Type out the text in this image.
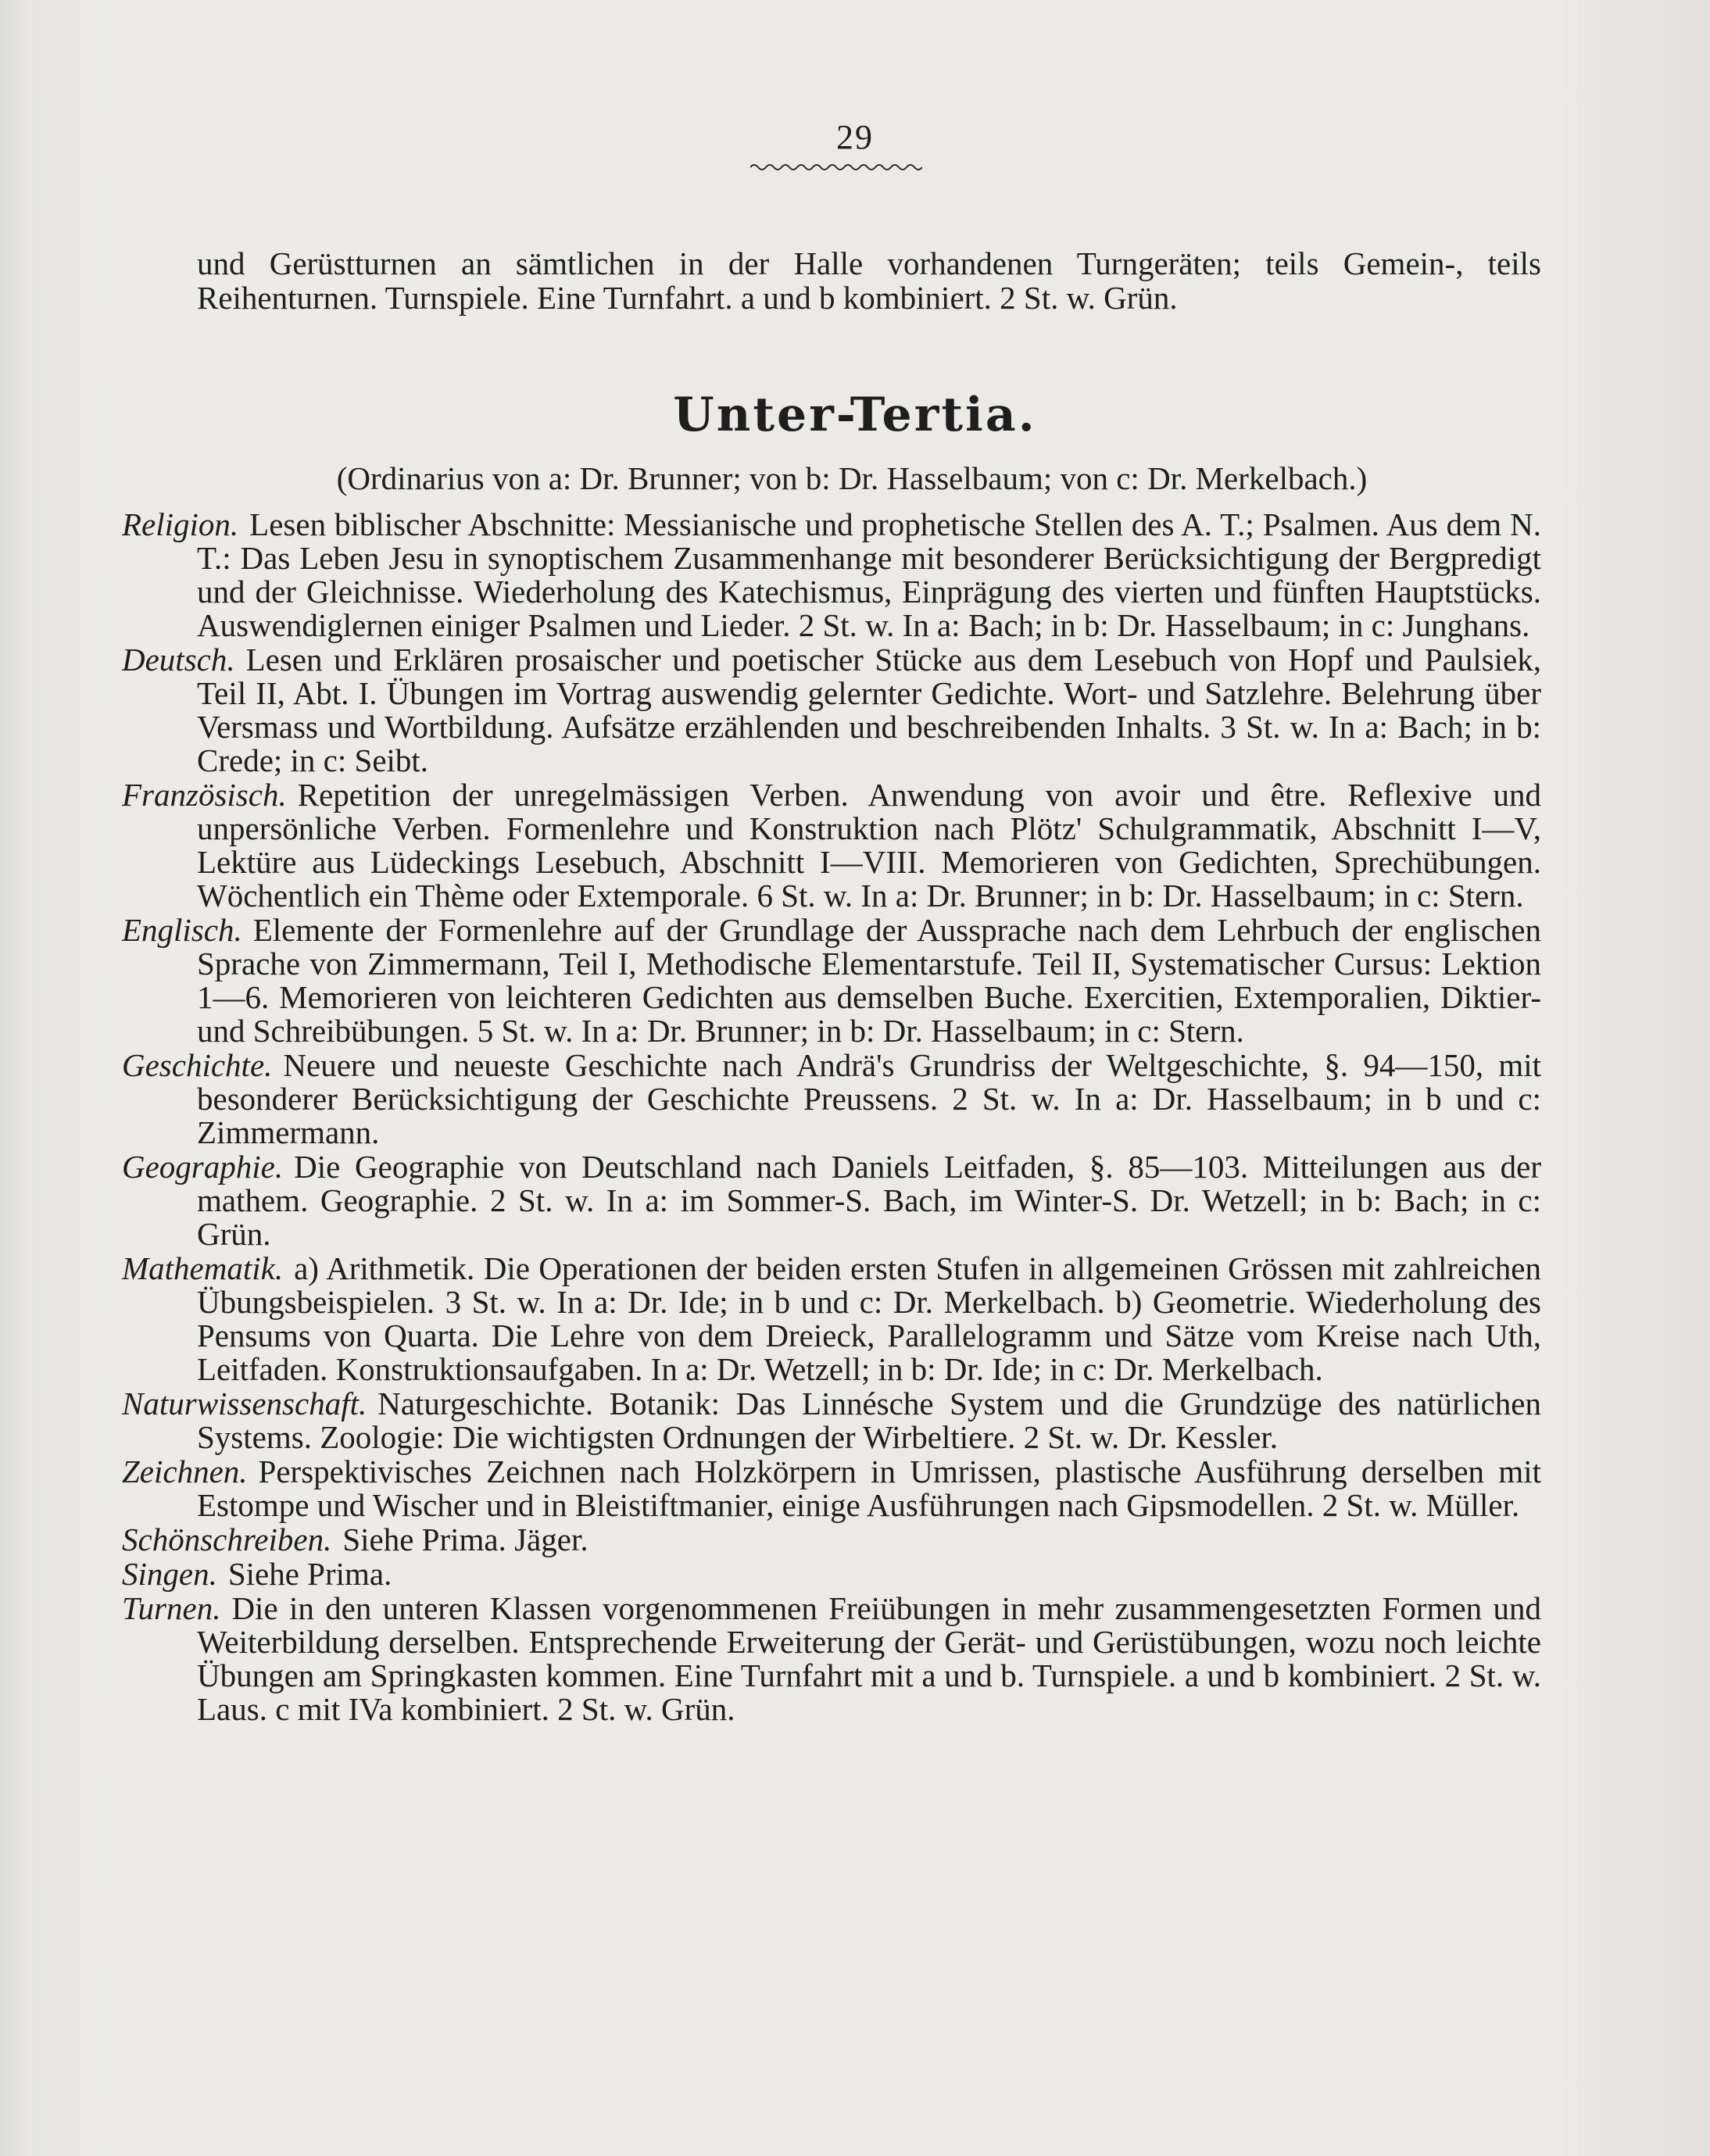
29

und Gerüstturnen an sämtlichen in der Halle vorhandenen Turngeräten; teils Gemein-, teils Reihenturnen. Turnspiele. Eine Turnfahrt. a und b kombiniert. 2 St. w. Grün.

Unter-Tertia.
(Ordinarius von a: Dr. Brunner; von b: Dr. Hasselbaum; von c: Dr. Merkelbach.)

Religion. Lesen biblischer Abschnitte: Messianische und prophetische Stellen des A. T.; Psalmen. Aus dem N. T.: Das Leben Jesu in synoptischem Zusammenhange mit besonderer Berücksichtigung der Bergpredigt und der Gleichnisse. Wiederholung des Katechismus, Einprägung des vierten und fünften Hauptstücks. Auswendiglernen einiger Psalmen und Lieder. 2 St. w. In a: Bach; in b: Dr. Hasselbaum; in c: Junghans.

Deutsch. Lesen und Erklären prosaischer und poetischer Stücke aus dem Lesebuch von Hopf und Paulsiek, Teil II, Abt. I. Übungen im Vortrag auswendig gelernter Gedichte. Wort- und Satzlehre. Belehrung über Versmass und Wortbildung. Aufsätze erzählenden und beschreibenden Inhalts. 3 St. w. In a: Bach; in b: Crede; in c: Seibt.

Französisch. Repetition der unregelmässigen Verben. Anwendung von avoir und être. Reflexive und unpersönliche Verben. Formenlehre und Konstruktion nach Plötz' Schulgrammatik, Abschnitt I—V, Lektüre aus Lüdeckings Lesebuch, Abschnitt I—VIII. Memorieren von Gedichten, Sprechübungen. Wöchentlich ein Thème oder Extemporale. 6 St. w. In a: Dr. Brunner; in b: Dr. Hasselbaum; in c: Stern.

Englisch. Elemente der Formenlehre auf der Grundlage der Aussprache nach dem Lehrbuch der englischen Sprache von Zimmermann, Teil I, Methodische Elementarstufe. Teil II, Systematischer Cursus: Lektion 1—6. Memorieren von leichteren Gedichten aus demselben Buche. Exercitien, Extemporalien, Diktier- und Schreibübungen. 5 St. w. In a: Dr. Brunner; in b: Dr. Hasselbaum; in c: Stern.

Geschichte. Neuere und neueste Geschichte nach Andrä's Grundriss der Weltgeschichte, §. 94—150, mit besonderer Berücksichtigung der Geschichte Preussens. 2 St. w. In a: Dr. Hasselbaum; in b und c: Zimmermann.

Geographie. Die Geographie von Deutschland nach Daniels Leitfaden, §. 85—103. Mitteilungen aus der mathem. Geographie. 2 St. w. In a: im Sommer-S. Bach, im Winter-S. Dr. Wetzell; in b: Bach; in c: Grün.

Mathematik. a) Arithmetik. Die Operationen der beiden ersten Stufen in allgemeinen Grössen mit zahlreichen Übungsbeispielen. 3 St. w. In a: Dr. Ide; in b und c: Dr. Merkelbach. b) Geometrie. Wiederholung des Pensums von Quarta. Die Lehre von dem Dreieck, Parallelogramm und Sätze vom Kreise nach Uth, Leitfaden. Konstruktionsaufgaben. In a: Dr. Wetzell; in b: Dr. Ide; in c: Dr. Merkelbach.

Naturwissenschaft. Naturgeschichte. Botanik: Das Linnésche System und die Grundzüge des natürlichen Systems. Zoologie: Die wichtigsten Ordnungen der Wirbeltiere. 2 St. w. Dr. Kessler.

Zeichnen. Perspektivisches Zeichnen nach Holzkörpern in Umrissen, plastische Ausführung derselben mit Estompe und Wischer und in Bleistiftmanier, einige Ausführungen nach Gipsmodellen. 2 St. w. Müller.

Schönschreiben. Siehe Prima. Jäger.

Singen. Siehe Prima.

Turnen. Die in den unteren Klassen vorgenommenen Freiübungen in mehr zusammengesetzten Formen und Weiterbildung derselben. Entsprechende Erweiterung der Gerät- und Gerüstübungen, wozu noch leichte Übungen am Springkasten kommen. Eine Turnfahrt mit a und b. Turnspiele. a und b kombiniert. 2 St. w. Laus. c mit IVa kombiniert. 2 St. w. Grün.
